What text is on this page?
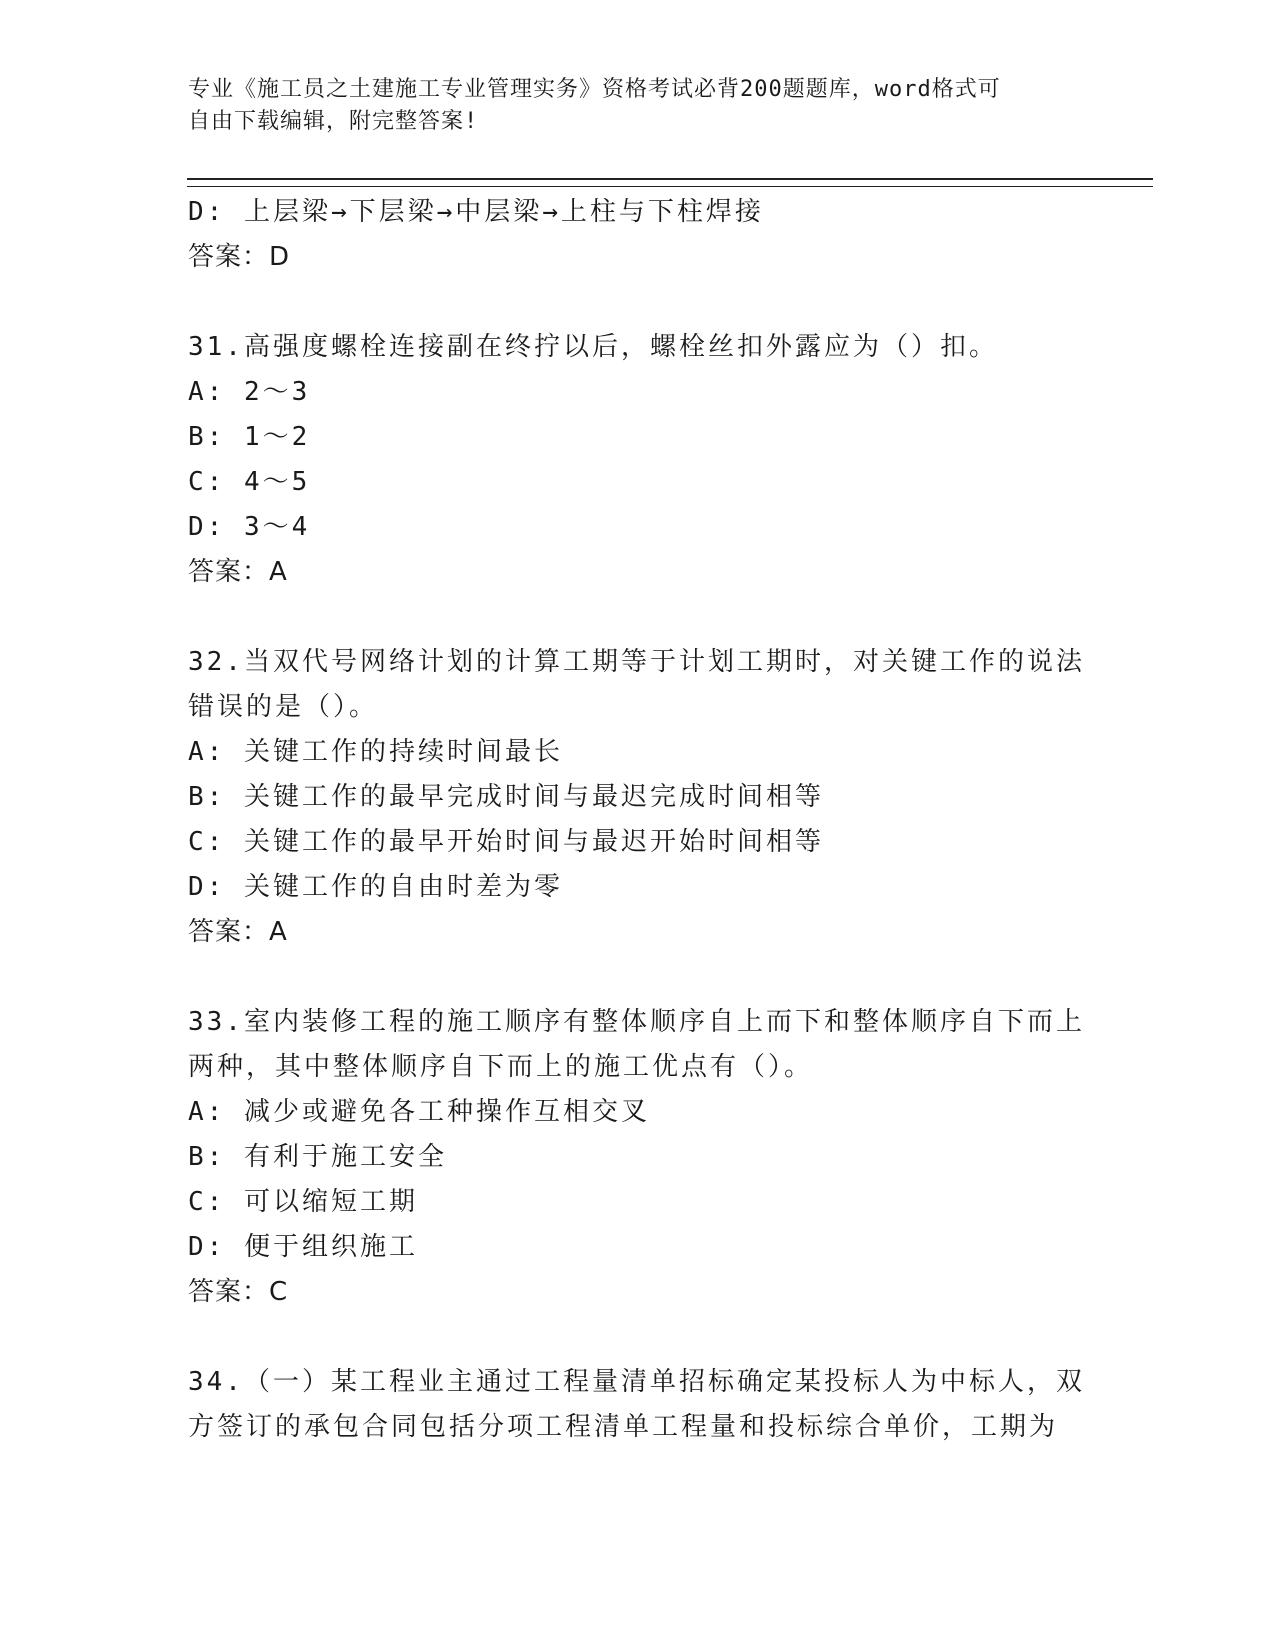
专业《施工员之土建施工专业管理实务》资格考试必背200题题库，word格式可
自由下载编辑，附完整答案!
D: 上层梁→下层梁→中层梁→上柱与下柱焊接
答案：D
31.高强度螺栓连接副在终拧以后，螺栓丝扣外露应为（）扣。
A: 2～3
B: 1～2
C: 4～5
D: 3～4
答案：A
32.当双代号网络计划的计算工期等于计划工期时，对关键工作的说法
错误的是（）。
A: 关键工作的持续时间最长
B: 关键工作的最早完成时间与最迟完成时间相等
C: 关键工作的最早开始时间与最迟开始时间相等
D: 关键工作的自由时差为零
答案：A
33.室内装修工程的施工顺序有整体顺序自上而下和整体顺序自下而上
两种，其中整体顺序自下而上的施工优点有（）。
A: 减少或避免各工种操作互相交叉
B: 有利于施工安全
C: 可以缩短工期
D: 便于组织施工
答案：C
34.（一）某工程业主通过工程量清单招标确定某投标人为中标人，双
方签订的承包合同包括分项工程清单工程量和投标综合单价，工期为
